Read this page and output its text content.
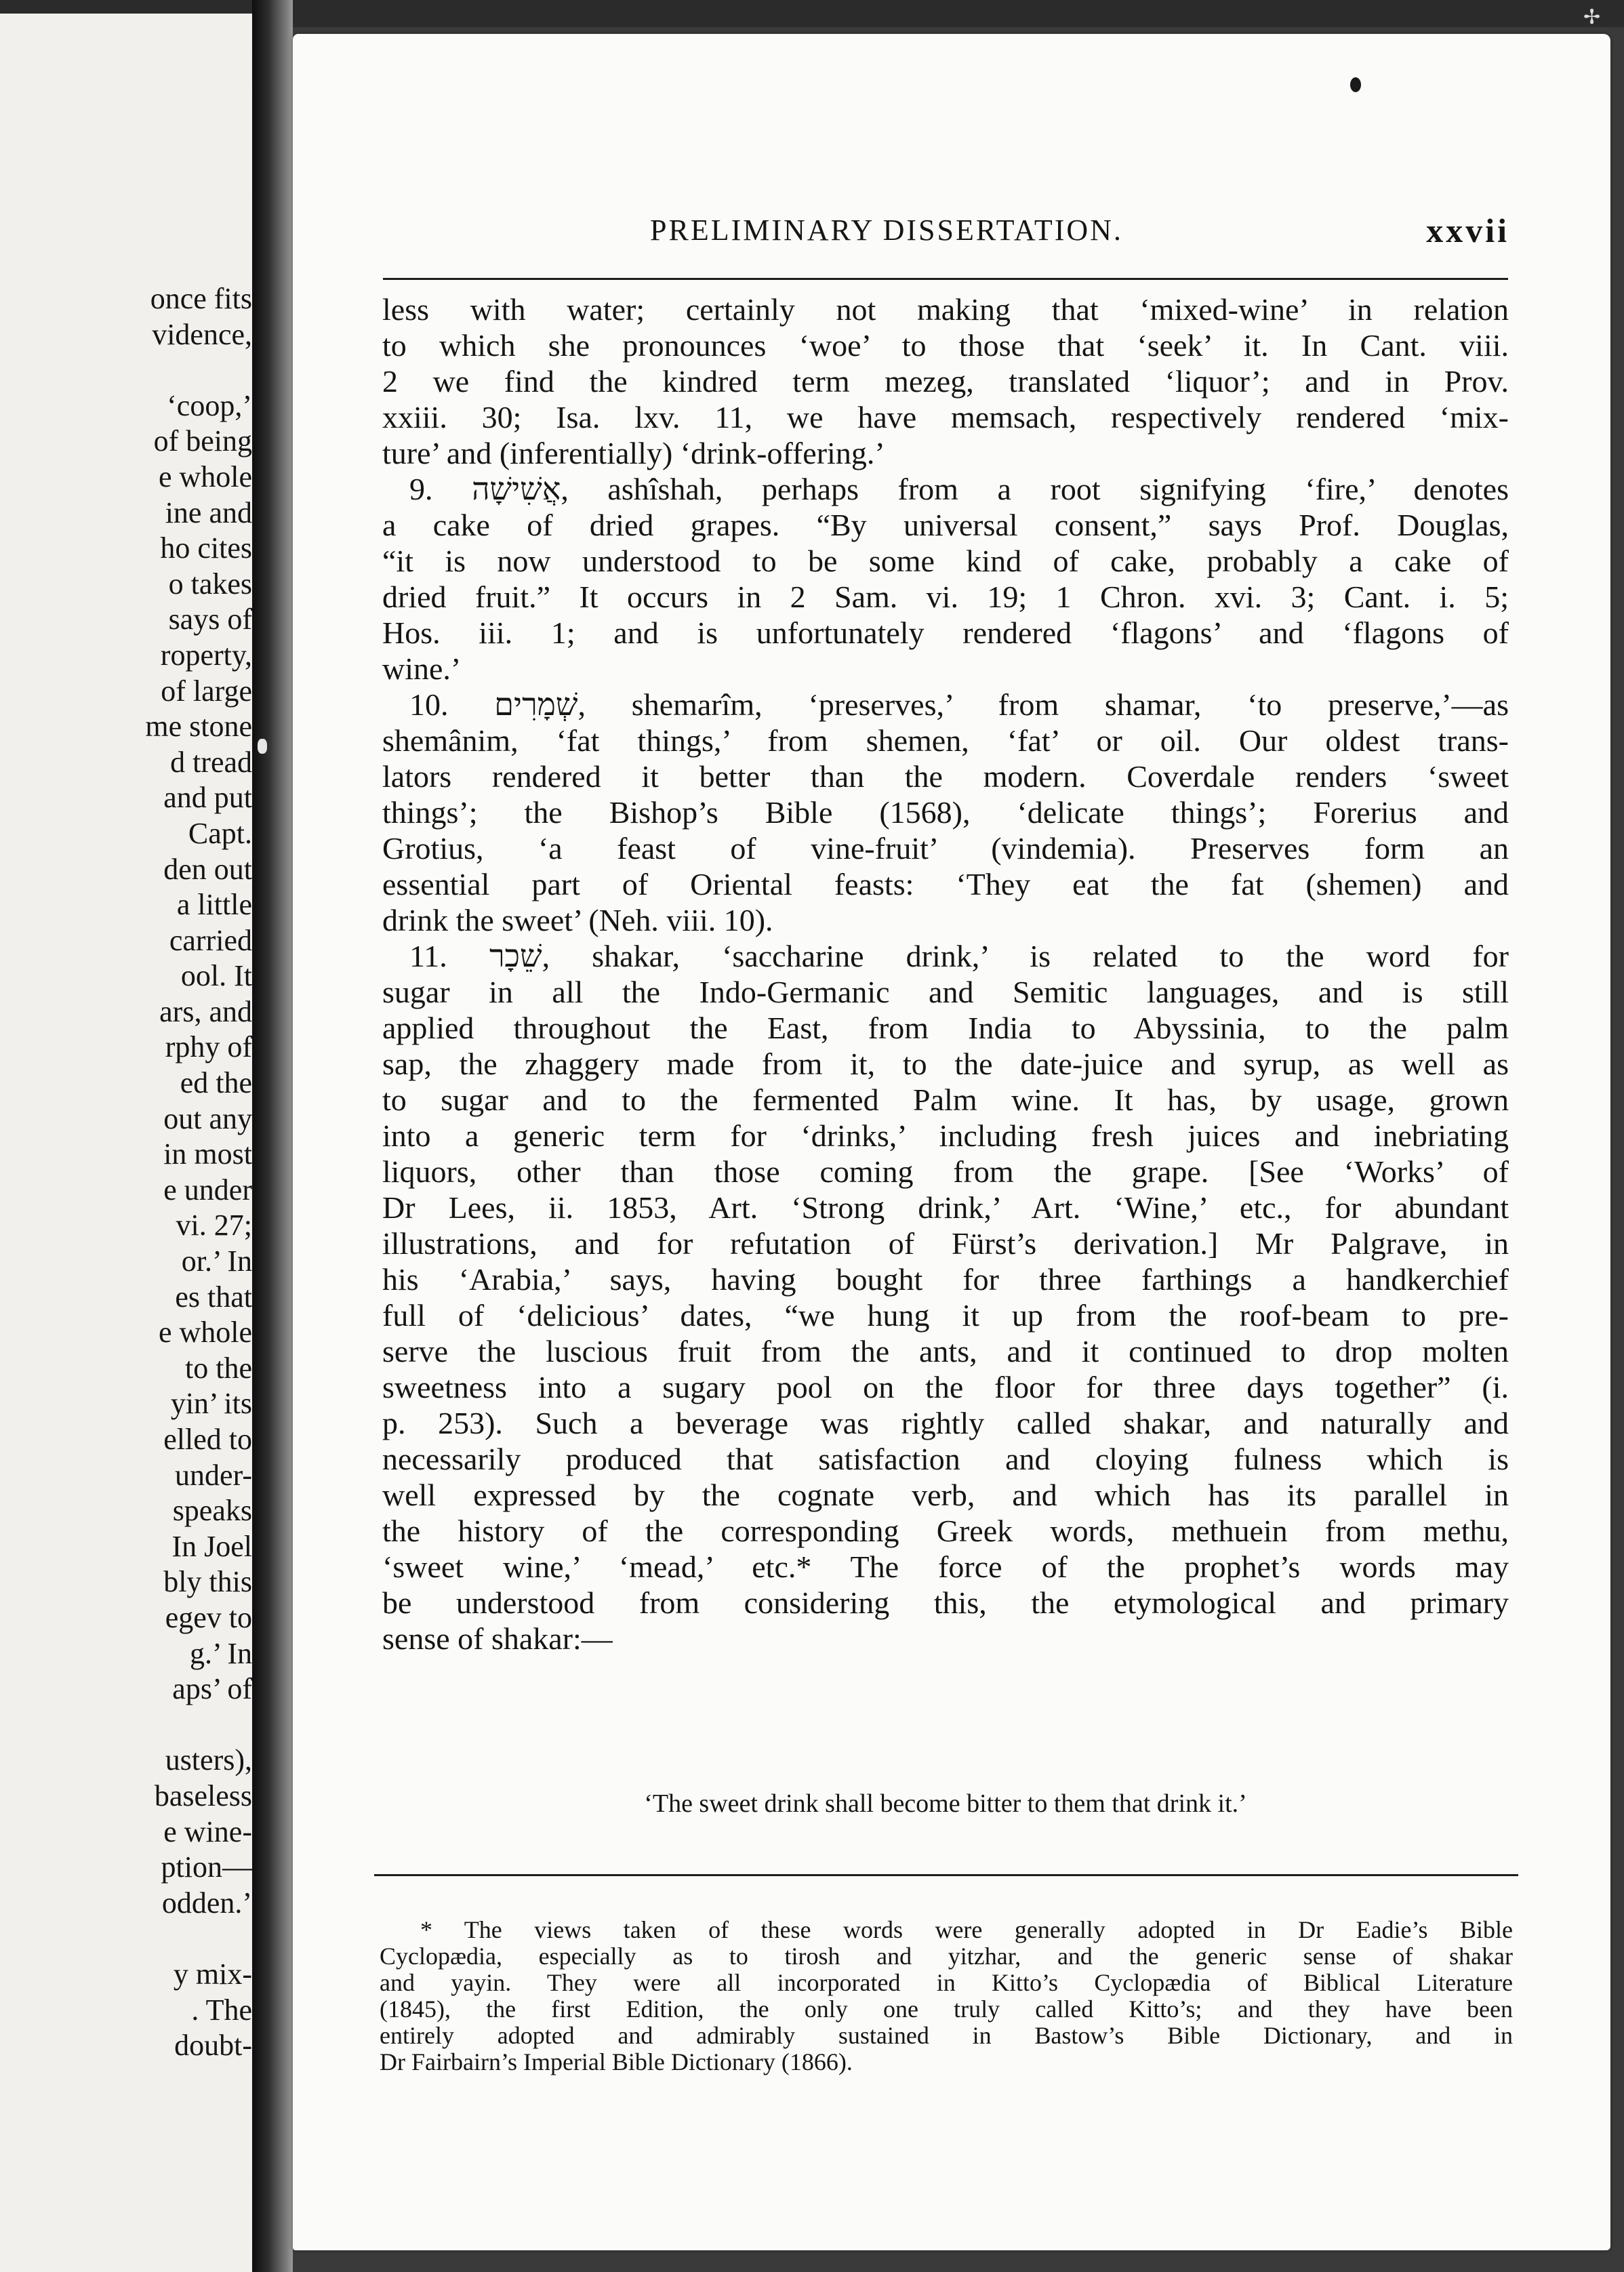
once fits
vidence,
‘coop,’
of being
e whole
ine and
ho cites
o takes
says of
roperty,
of large
me stone
d tread
and put
Capt.
den out
a little
carried
ool. It
ars, and
rphy of
ed the
out any
in most
e under
vi. 27;
or.’ In
es that
e whole
to the
yin’ its
elled to
under-
speaks
In Joel
bly this
egev to
g.’ In
aps’ of
usters),
baseless
e wine-
ption—
odden.’
y mix-
. The
doubt-
PRELIMINARY DISSERTATION.	xxvii
less with water; certainly not making that ‘mixed-wine’ in relation
to which she pronounces ‘woe’ to those that ‘seek’ it. In Cant. viii.
2 we find the kindred term mezeg, translated ‘liquor’; and in Prov.
xxiii. 30; Isa. lxv. 11, we have memsach, respectively rendered ‘mix-
ture’ and (inferentially) ‘drink-offering.’
9. אֲשִׁישָׁה, ashîshah, perhaps from a root signifying ‘fire,’ denotes
a cake of dried grapes. “By universal consent,” says Prof. Douglas,
“it is now understood to be some kind of cake, probably a cake of
dried fruit.” It occurs in 2 Sam. vi. 19; 1 Chron. xvi. 3; Cant. i. 5;
Hos. iii. 1; and is unfortunately rendered ‘flagons’ and ‘flagons of
wine.’
10. שְׁמָרִים, shemarîm, ‘preserves,’ from shamar, ‘to preserve,’—as
shemânim, ‘fat things,’ from shemen, ‘fat’ or oil. Our oldest trans-
lators rendered it better than the modern. Coverdale renders ‘sweet
things’; the Bishop’s Bible (1568), ‘delicate things’; Forerius and
Grotius, ‘a feast of vine-fruit’ (vindemia). Preserves form an
essential part of Oriental feasts: ‘They eat the fat (shemen) and
drink the sweet’ (Neh. viii. 10).
11. שֵׁכָר, shakar, ‘saccharine drink,’ is related to the word for
sugar in all the Indo-Germanic and Semitic languages, and is still
applied throughout the East, from India to Abyssinia, to the palm
sap, the zhaggery made from it, to the date-juice and syrup, as well as
to sugar and to the fermented Palm wine. It has, by usage, grown
into a generic term for ‘drinks,’ including fresh juices and inebriating
liquors, other than those coming from the grape. [See ‘Works’ of
Dr Lees, ii. 1853, Art. ‘Strong drink,’ Art. ‘Wine,’ etc., for abundant
illustrations, and for refutation of Fürst’s derivation.] Mr Palgrave, in
his ‘Arabia,’ says, having bought for three farthings a handkerchief
full of ‘delicious’ dates, “we hung it up from the roof-beam to pre-
serve the luscious fruit from the ants, and it continued to drop molten
sweetness into a sugary pool on the floor for three days together” (i.
p. 253). Such a beverage was rightly called shakar, and naturally and
necessarily produced that satisfaction and cloying fulness which is
well expressed by the cognate verb, and which has its parallel in
the history of the corresponding Greek words, methuein from methu,
‘sweet wine,’ ‘mead,’ etc.* The force of the prophet’s words may
be understood from considering this, the etymological and primary
sense of shakar:—
‘The sweet drink shall become bitter to them that drink it.’
* The views taken of these words were generally adopted in Dr Eadie’s Bible
Cyclopædia, especially as to tirosh and yitzhar, and the generic sense of shakar
and yayin. They were all incorporated in Kitto’s Cyclopædia of Biblical Literature
(1845), the first Edition, the only one truly called Kitto’s; and they have been
entirely adopted and admirably sustained in Bastow’s Bible Dictionary, and in
Dr Fairbairn’s Imperial Bible Dictionary (1866).
✢
